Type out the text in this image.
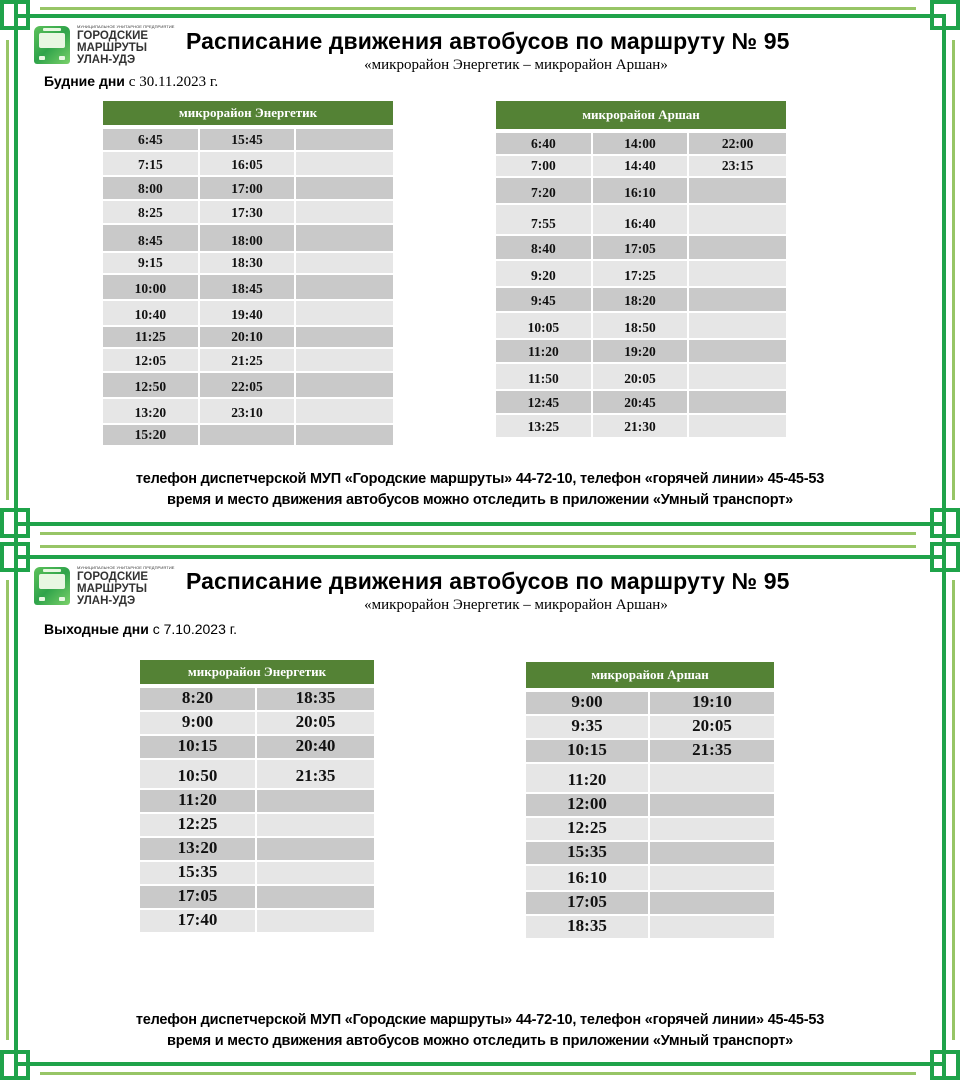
МУНИЦИПАЛЬНОЕ УНИТАРНОЕ ПРЕДПРИЯТИЕ
ГОРОДСКИЕ
МАРШРУТЫ
УЛАН-УДЭ
Расписание движения автобусов по маршруту № 95
«микрорайон Энергетик – микрорайон Аршан»
Будние дни с 30.11.2023 г.
микрорайон Энергетик
6:45	15:45
7:15	16:05
8:00	17:00
8:25	17:30
8:45	18:00
9:15	18:30
10:00	18:45
10:40	19:40
11:25	20:10
12:05	21:25
12:50	22:05
13:20	23:10
15:20
микрорайон Аршан
6:40	14:00	22:00
7:00	14:40	23:15
7:20	16:10
7:55	16:40
8:40	17:05
9:20	17:25
9:45	18:20
10:05	18:50
11:20	19:20
11:50	20:05
12:45	20:45
13:25	21:30
телефон диспетчерской МУП «Городские маршруты» 44-72-10, телефон «горячей линии» 45-45-53
время и место движения автобусов можно отследить в приложении «Умный транспорт»
МУНИЦИПАЛЬНОЕ УНИТАРНОЕ ПРЕДПРИЯТИЕ
ГОРОДСКИЕ
МАРШРУТЫ
УЛАН-УДЭ
Расписание движения автобусов по маршруту № 95
«микрорайон Энергетик – микрорайон Аршан»
Выходные дни с 7.10.2023 г.
микрорайон Энергетик
8:20	18:35
9:00	20:05
10:15	20:40
10:50	21:35
11:20
12:25
13:20
15:35
17:05
17:40
микрорайон Аршан
9:00	19:10
9:35	20:05
10:15	21:35
11:20
12:00
12:25
15:35
16:10
17:05
18:35
телефон диспетчерской МУП «Городские маршруты» 44-72-10, телефон «горячей линии» 45-45-53
время и место движения автобусов можно отследить в приложении «Умный транспорт»
